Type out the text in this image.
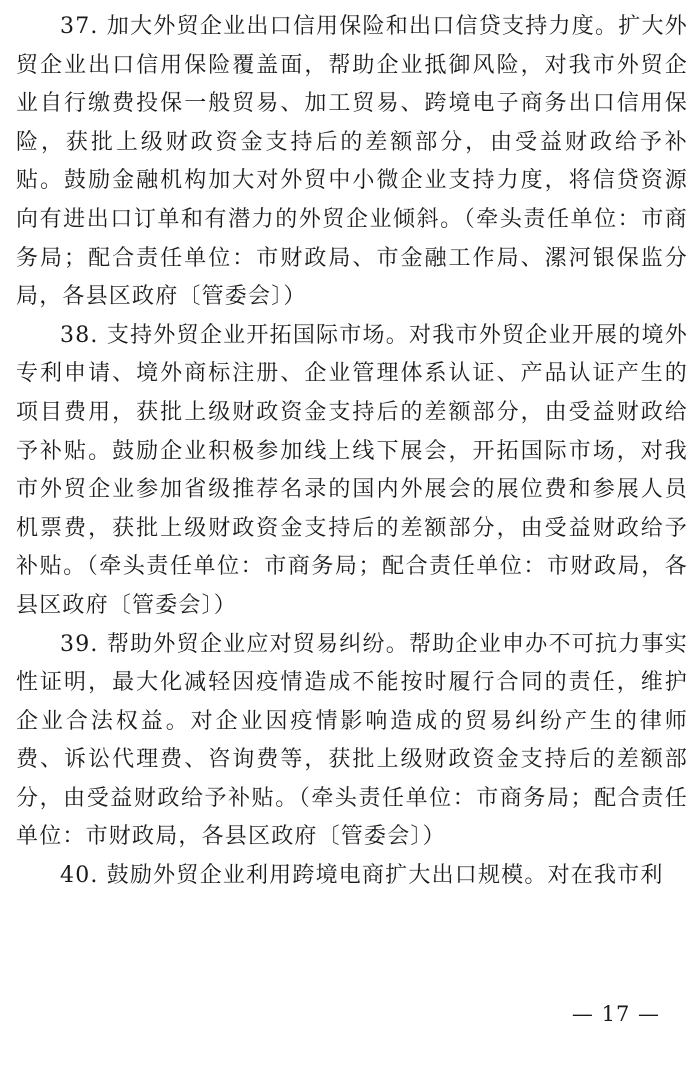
37. 加大外贸企业出口信用保险和出口信贷支持力度。扩大外贸企业出口信用保险覆盖面，帮助企业抵御风险，对我市外贸企业自行缴费投保一般贸易、加工贸易、跨境电子商务出口信用保险，获批上级财政资金支持后的差额部分，由受益财政给予补贴。鼓励金融机构加大对外贸中小微企业支持力度，将信贷资源向有进出口订单和有潜力的外贸企业倾斜。（牵头责任单位：市商务局；配合责任单位：市财政局、市金融工作局、漯河银保监分局，各县区政府〔管委会〕）

38. 支持外贸企业开拓国际市场。对我市外贸企业开展的境外专利申请、境外商标注册、企业管理体系认证、产品认证产生的项目费用，获批上级财政资金支持后的差额部分，由受益财政给予补贴。鼓励企业积极参加线上线下展会，开拓国际市场，对我市外贸企业参加省级推荐名录的国内外展会的展位费和参展人员机票费，获批上级财政资金支持后的差额部分，由受益财政给予补贴。（牵头责任单位：市商务局；配合责任单位：市财政局，各县区政府〔管委会〕）

39. 帮助外贸企业应对贸易纠纷。帮助企业申办不可抗力事实性证明，最大化减轻因疫情造成不能按时履行合同的责任，维护企业合法权益。对企业因疫情影响造成的贸易纠纷产生的律师费、诉讼代理费、咨询费等，获批上级财政资金支持后的差额部分，由受益财政给予补贴。（牵头责任单位：市商务局；配合责任单位：市财政局，各县区政府〔管委会〕）

40. 鼓励外贸企业利用跨境电商扩大出口规模。对在我市利

— 17 —
